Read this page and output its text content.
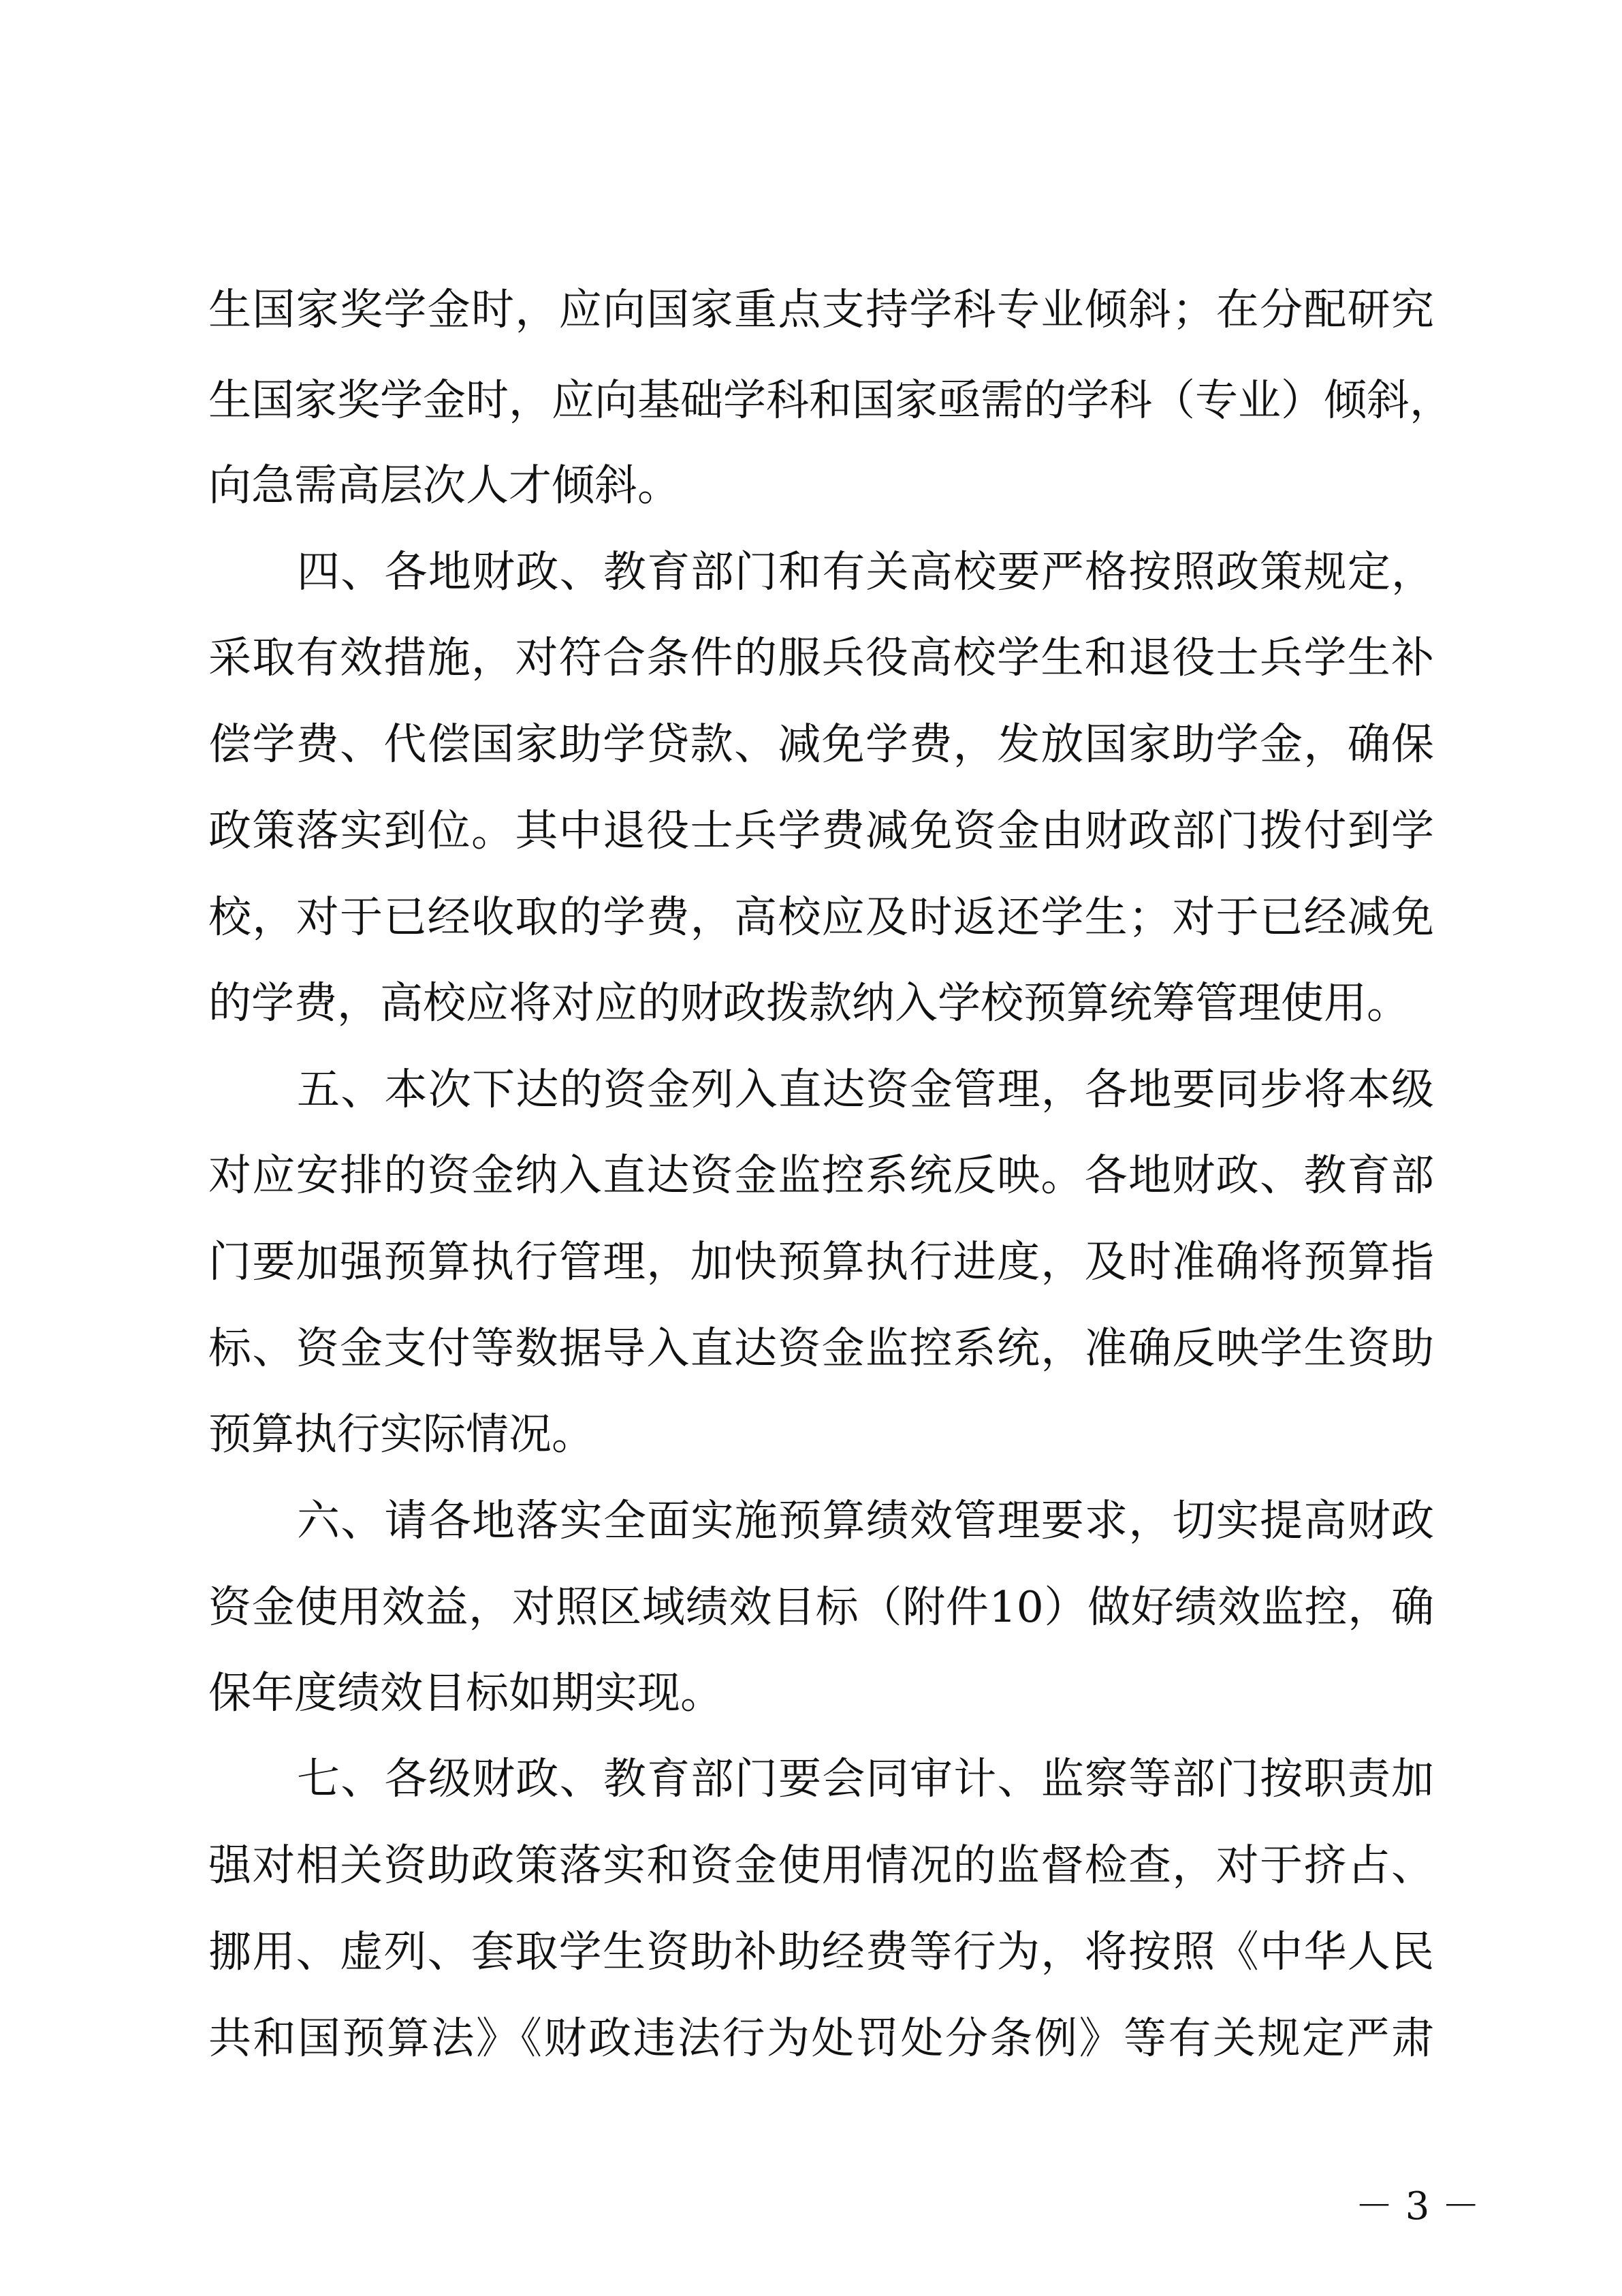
生国家奖学金时，应向国家重点支持学科专业倾斜；在分配研究
生国家奖学金时，应向基础学科和国家亟需的学科（专业）倾斜，
向急需高层次人才倾斜。
四、各地财政、教育部门和有关高校要严格按照政策规定，
采取有效措施，对符合条件的服兵役高校学生和退役士兵学生补
偿学费、代偿国家助学贷款、减免学费，发放国家助学金，确保
政策落实到位。其中退役士兵学费减免资金由财政部门拨付到学
校，对于已经收取的学费，高校应及时返还学生；对于已经减免
的学费，高校应将对应的财政拨款纳入学校预算统筹管理使用。
五、本次下达的资金列入直达资金管理，各地要同步将本级
对应安排的资金纳入直达资金监控系统反映。各地财政、教育部
门要加强预算执行管理，加快预算执行进度，及时准确将预算指
标、资金支付等数据导入直达资金监控系统，准确反映学生资助
预算执行实际情况。
六、请各地落实全面实施预算绩效管理要求，切实提高财政
资金使用效益，对照区域绩效目标（附件10）做好绩效监控，确
保年度绩效目标如期实现。
七、各级财政、教育部门要会同审计、监察等部门按职责加
强对相关资助政策落实和资金使用情况的监督检查，对于挤占、
挪用、虚列、套取学生资助补助经费等行为，将按照《中华人民
共和国预算法》《财政违法行为处罚处分条例》等有关规定严肃
－ 3 －
